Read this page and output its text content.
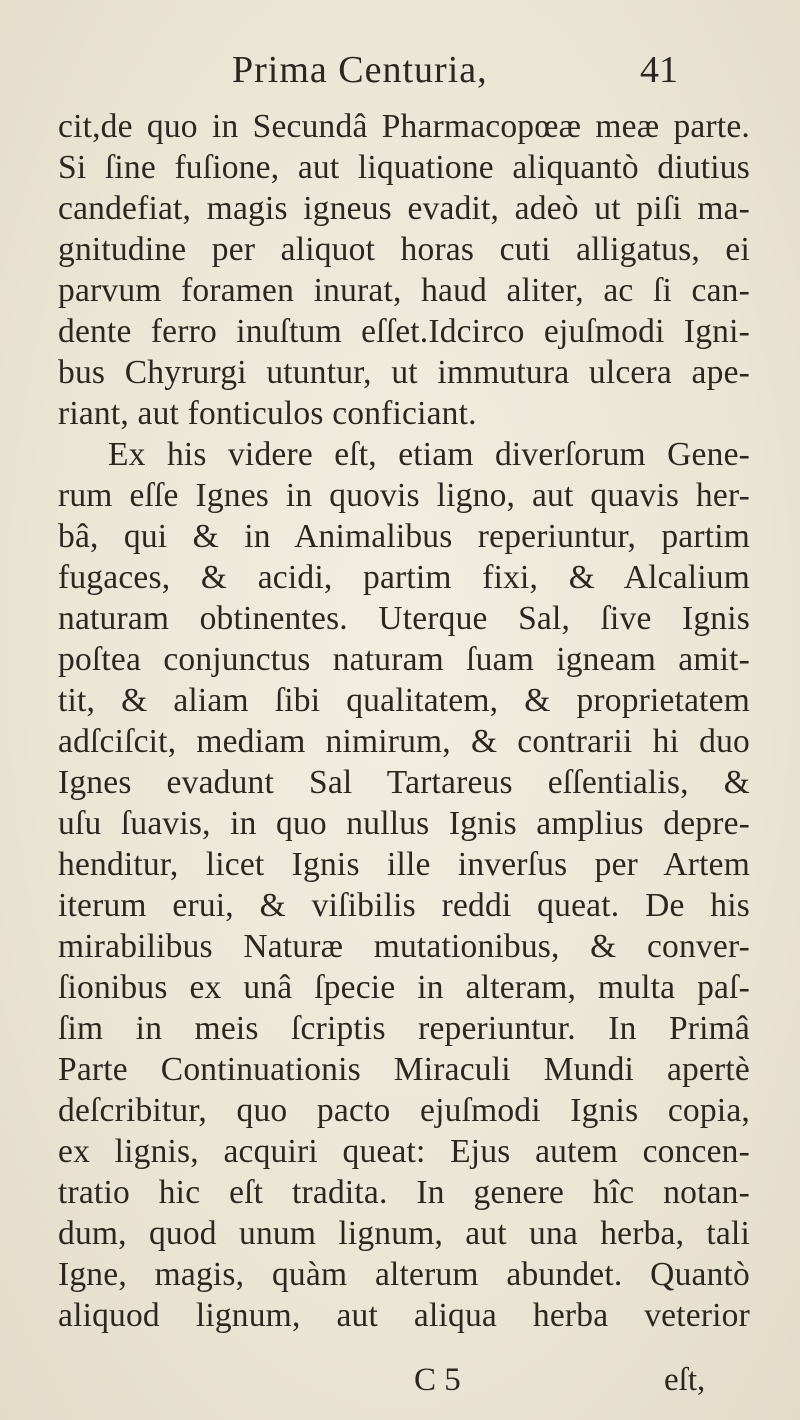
Prima Centuria,	41
cit,de quo in Secundâ Pharmacopœæ meæ parte.
Si ſine fuſione, aut liquatione aliquantò diutius
candefiat, magis igneus evadit, adeò ut piſi ma-
gnitudine per aliquot horas cuti alligatus, ei
parvum foramen inurat, haud aliter, ac ſi can-
dente ferro inuſtum eſſet.Idcirco ejuſmodi Igni-
bus Chyrurgi utuntur, ut immutura ulcera ape-
riant, aut fonticulos conficiant.
Ex his videre eſt, etiam diverſorum Gene-
rum eſſe Ignes in quovis ligno, aut quavis her-
bâ, qui & in Animalibus reperiuntur, partim
fugaces, & acidi, partim fixi, & Alcalium
naturam obtinentes. Uterque Sal, ſive Ignis
poſtea conjunctus naturam ſuam igneam amit-
tit, & aliam ſibi qualitatem, & proprietatem
adſciſcit, mediam nimirum, & contrarii hi duo
Ignes evadunt Sal Tartareus eſſentialis, &
uſu ſuavis, in quo nullus Ignis amplius depre-
henditur, licet Ignis ille inverſus per Artem
iterum erui, & viſibilis reddi queat. De his
mirabilibus Naturæ mutationibus, & conver-
ſionibus ex unâ ſpecie in alteram, multa paſ-
ſim in meis ſcriptis reperiuntur. In Primâ
Parte Continuationis Miraculi Mundi apertè
deſcribitur, quo pacto ejuſmodi Ignis copia,
ex lignis, acquiri queat: Ejus autem concen-
tratio hic eſt tradita. In genere hîc notan-
dum, quod unum lignum, aut una herba, tali
Igne, magis, quàm alterum abundet. Quantò
aliquod lignum, aut aliqua herba veterior
C 5	eſt,
